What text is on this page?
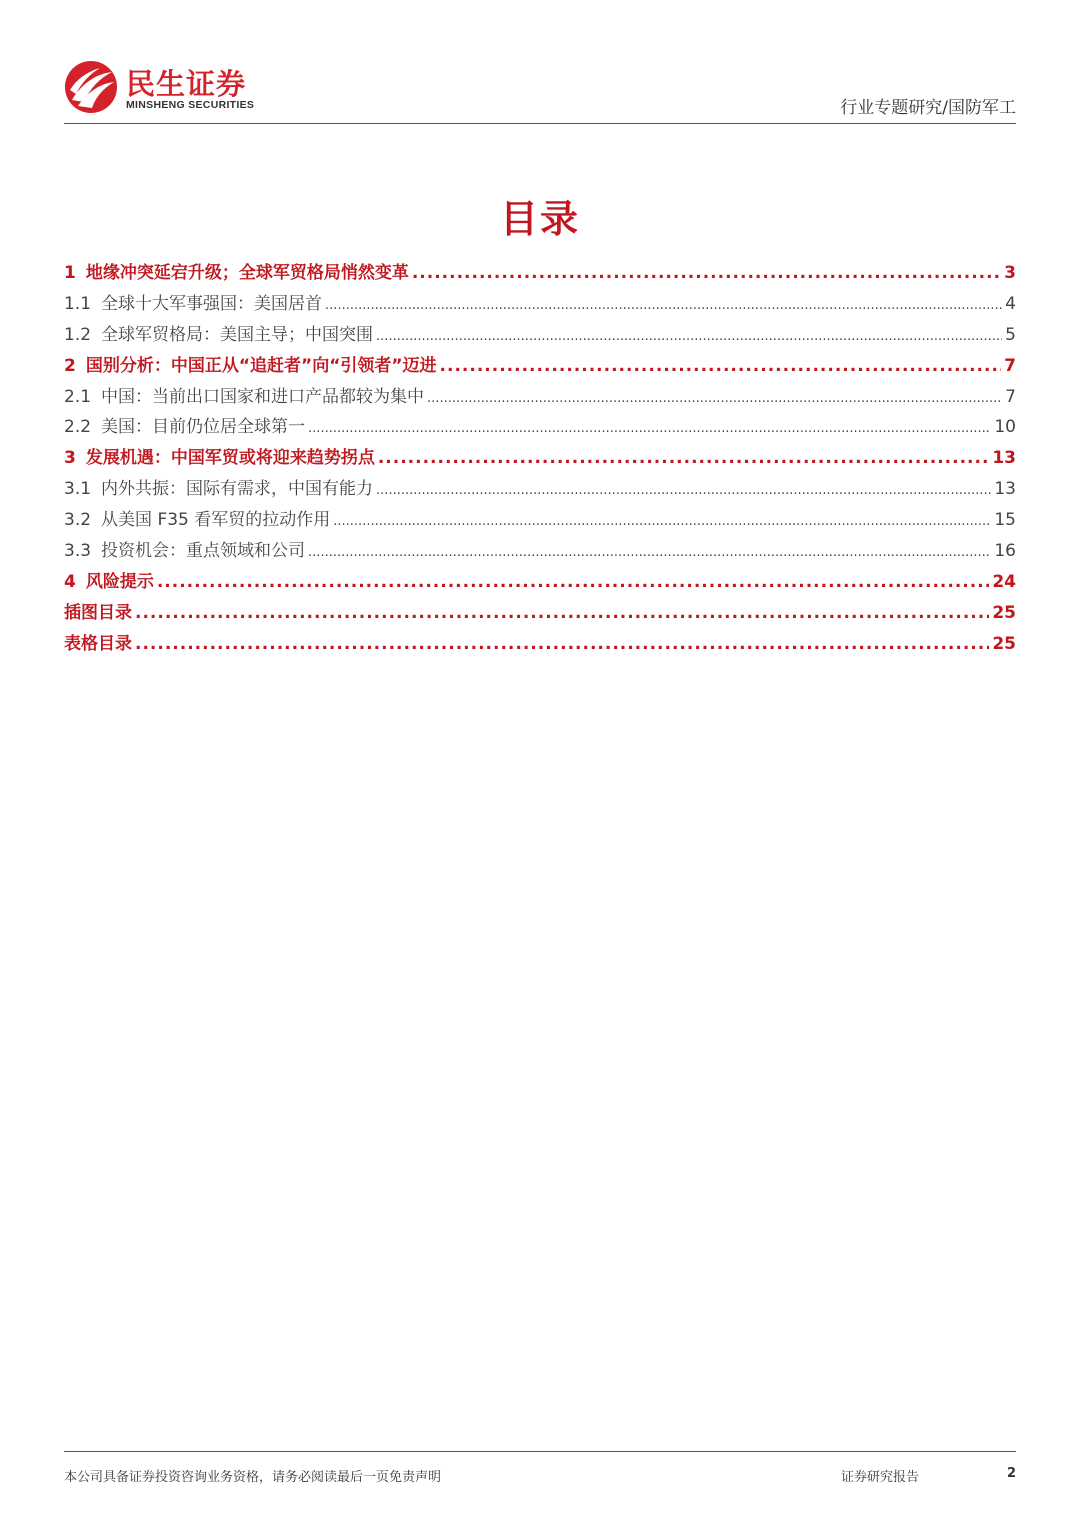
民生证券
MINSHENG SECURITIES	行业专题研究/国防军工
目录
1 地缘冲突延宕升级；全球军贸格局悄然变革 .....	3
1.1 全球十大军事强国：美国居首 .....	4
1.2 全球军贸格局：美国主导；中国突围 .....	5
2 国别分析：中国正从“追赶者”向“引领者”迈进 .....	7
2.1 中国：当前出口国家和进口产品都较为集中 .....	7
2.2 美国：目前仍位居全球第一 .....	10
3 发展机遇：中国军贸或将迎来趋势拐点 .....	13
3.1 内外共振：国际有需求，中国有能力 .....	13
3.2 从美国 F35 看军贸的拉动作用 .....	15
3.3 投资机会：重点领域和公司 .....	16
4 风险提示 .....	24
插图目录 .....	25
表格目录 .....	25
本公司具备证券投资咨询业务资格，请务必阅读最后一页免责声明	证券研究报告	2
